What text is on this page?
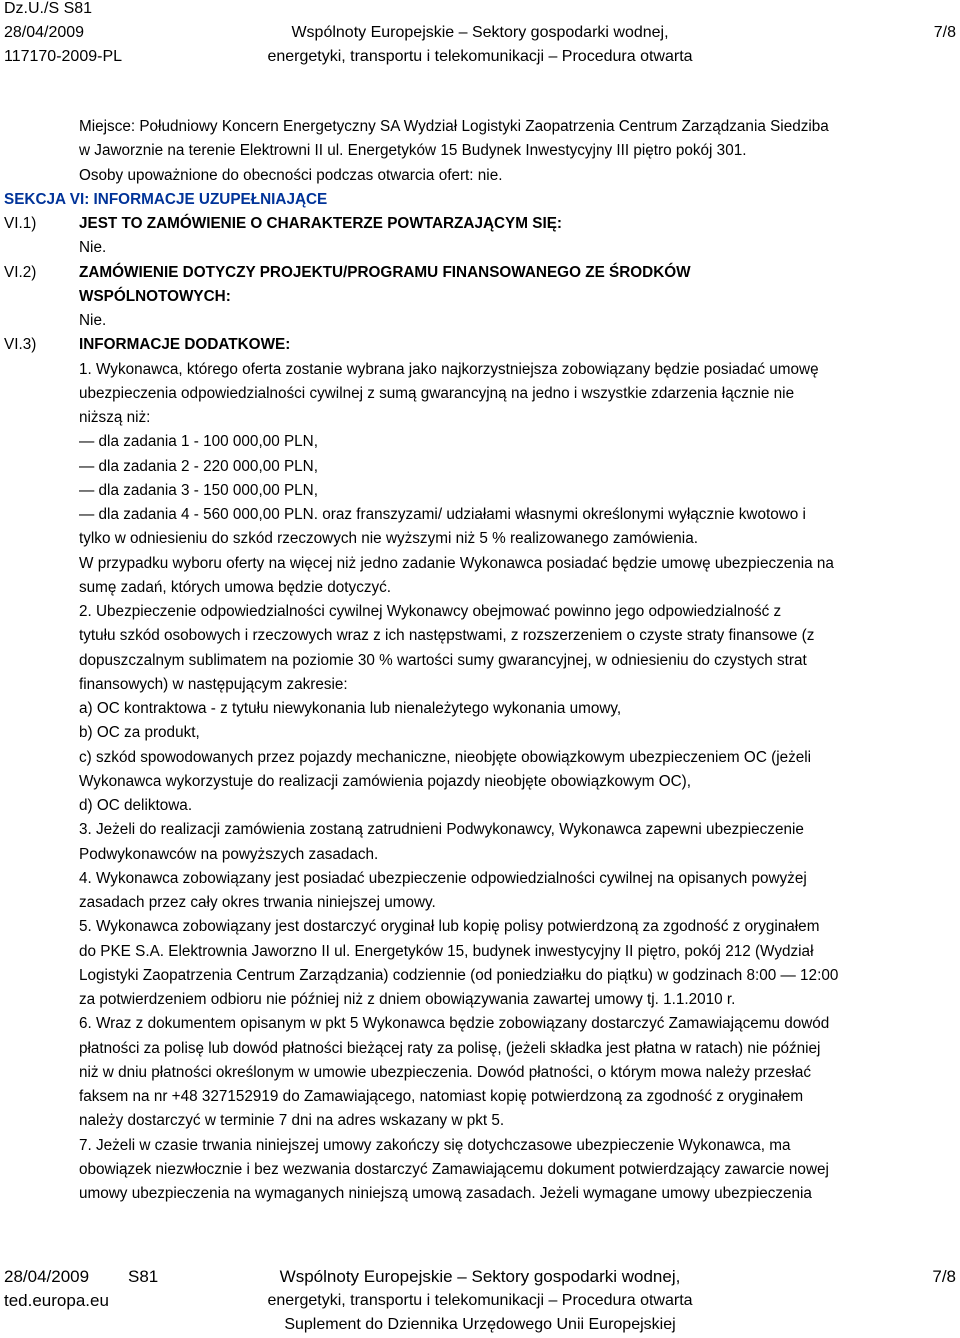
Dz.U./S S81
28/04/2009
117170-2009-PL
Wspólnoty Europejskie – Sektory gospodarki wodnej,
energetyki, transportu i telekomunikacji – Procedura otwarta
7/8
Miejsce: Południowy Koncern Energetyczny SA Wydział Logistyki Zaopatrzenia Centrum Zarządzania Siedziba
w Jaworznie na terenie Elektrowni II ul. Energetyków 15 Budynek Inwestycyjny III piętro pokój 301.
Osoby upoważnione do obecności podczas otwarcia ofert: nie.
SEKCJA VI: INFORMACJE UZUPEŁNIAJĄCE
VI.1)	JEST TO ZAMÓWIENIE O CHARAKTERZE POWTARZAJĄCYM SIĘ:
Nie.
VI.2)	ZAMÓWIENIE DOTYCZY PROJEKTU/PROGRAMU FINANSOWANEGO ZE ŚRODKÓW
WSPÓLNOTOWYCH:
Nie.
VI.3)	INFORMACJE DODATKOWE:
1. Wykonawca, którego oferta zostanie wybrana jako najkorzystniejsza zobowiązany będzie posiadać umowę
ubezpieczenia odpowiedzialności cywilnej z sumą gwarancyjną na jedno i wszystkie zdarzenia łącznie nie
niższą niż:
— dla zadania 1 - 100 000,00 PLN,
— dla zadania 2 - 220 000,00 PLN,
— dla zadania 3 - 150 000,00 PLN,
— dla zadania 4 - 560 000,00 PLN. oraz franszyzami/ udziałami własnymi określonymi wyłącznie kwotowo i
tylko w odniesieniu do szkód rzeczowych nie wyższymi niż 5 % realizowanego zamówienia.
W przypadku wyboru oferty na więcej niż jedno zadanie Wykonawca posiadać będzie umowę ubezpieczenia na
sumę zadań, których umowa będzie dotyczyć.
2. Ubezpieczenie odpowiedzialności cywilnej Wykonawcy obejmować powinno jego odpowiedzialność z
tytułu szkód osobowych i rzeczowych wraz z ich następstwami, z rozszerzeniem o czyste straty finansowe (z
dopuszczalnym sublimatem na poziomie 30 % wartości sumy gwarancyjnej, w odniesieniu do czystych strat
finansowych) w następującym zakresie:
a) OC kontraktowa - z tytułu niewykonania lub nienależytego wykonania umowy,
b) OC za produkt,
c) szkód spowodowanych przez pojazdy mechaniczne, nieobjęte obowiązkowym ubezpieczeniem OC (jeżeli
Wykonawca wykorzystuje do realizacji zamówienia pojazdy nieobjęte obowiązkowym OC),
d) OC deliktowa.
3. Jeżeli do realizacji zamówienia zostaną zatrudnieni Podwykonawcy, Wykonawca zapewni ubezpieczenie
Podwykonawców na powyższych zasadach.
4. Wykonawca zobowiązany jest posiadać ubezpieczenie odpowiedzialności cywilnej na opisanych powyżej
zasadach przez cały okres trwania niniejszej umowy.
5. Wykonawca zobowiązany jest dostarczyć oryginał lub kopię polisy potwierdzoną za zgodność z oryginałem
do PKE S.A. Elektrownia Jaworzno II ul. Energetyków 15, budynek inwestycyjny II piętro, pokój 212 (Wydział
Logistyki Zaopatrzenia Centrum Zarządzania) codziennie (od poniedziałku do piątku) w godzinach 8:00 — 12:00
za potwierdzeniem odbioru nie później niż z dniem obowiązywania zawartej umowy tj. 1.1.2010 r.
6. Wraz z dokumentem opisanym w pkt 5 Wykonawca będzie zobowiązany dostarczyć Zamawiającemu dowód
płatności za polisę lub dowód płatności bieżącej raty za polisę, (jeżeli składka jest płatna w ratach) nie później
niż w dniu płatności określonym w umowie ubezpieczenia. Dowód płatności, o którym mowa należy przesłać
faksem na nr +48 327152919 do Zamawiającego, natomiast kopię potwierdzoną za zgodność z oryginałem
należy dostarczyć w terminie 7 dni na adres wskazany w pkt 5.
7. Jeżeli w czasie trwania niniejszej umowy zakończy się dotychczasowe ubezpieczenie Wykonawca, ma
obowiązek niezwłocznie i bez wezwania dostarczyć Zamawiającemu dokument potwierdzający zawarcie nowej
umowy ubezpieczenia na wymaganych niniejszą umową zasadach. Jeżeli wymagane umowy ubezpieczenia
28/04/2009 S81
ted.europa.eu
Wspólnoty Europejskie – Sektory gospodarki wodnej,
energetyki, transportu i telekomunikacji – Procedura otwarta
Suplement do Dziennika Urzędowego Unii Europejskiej
7/8
